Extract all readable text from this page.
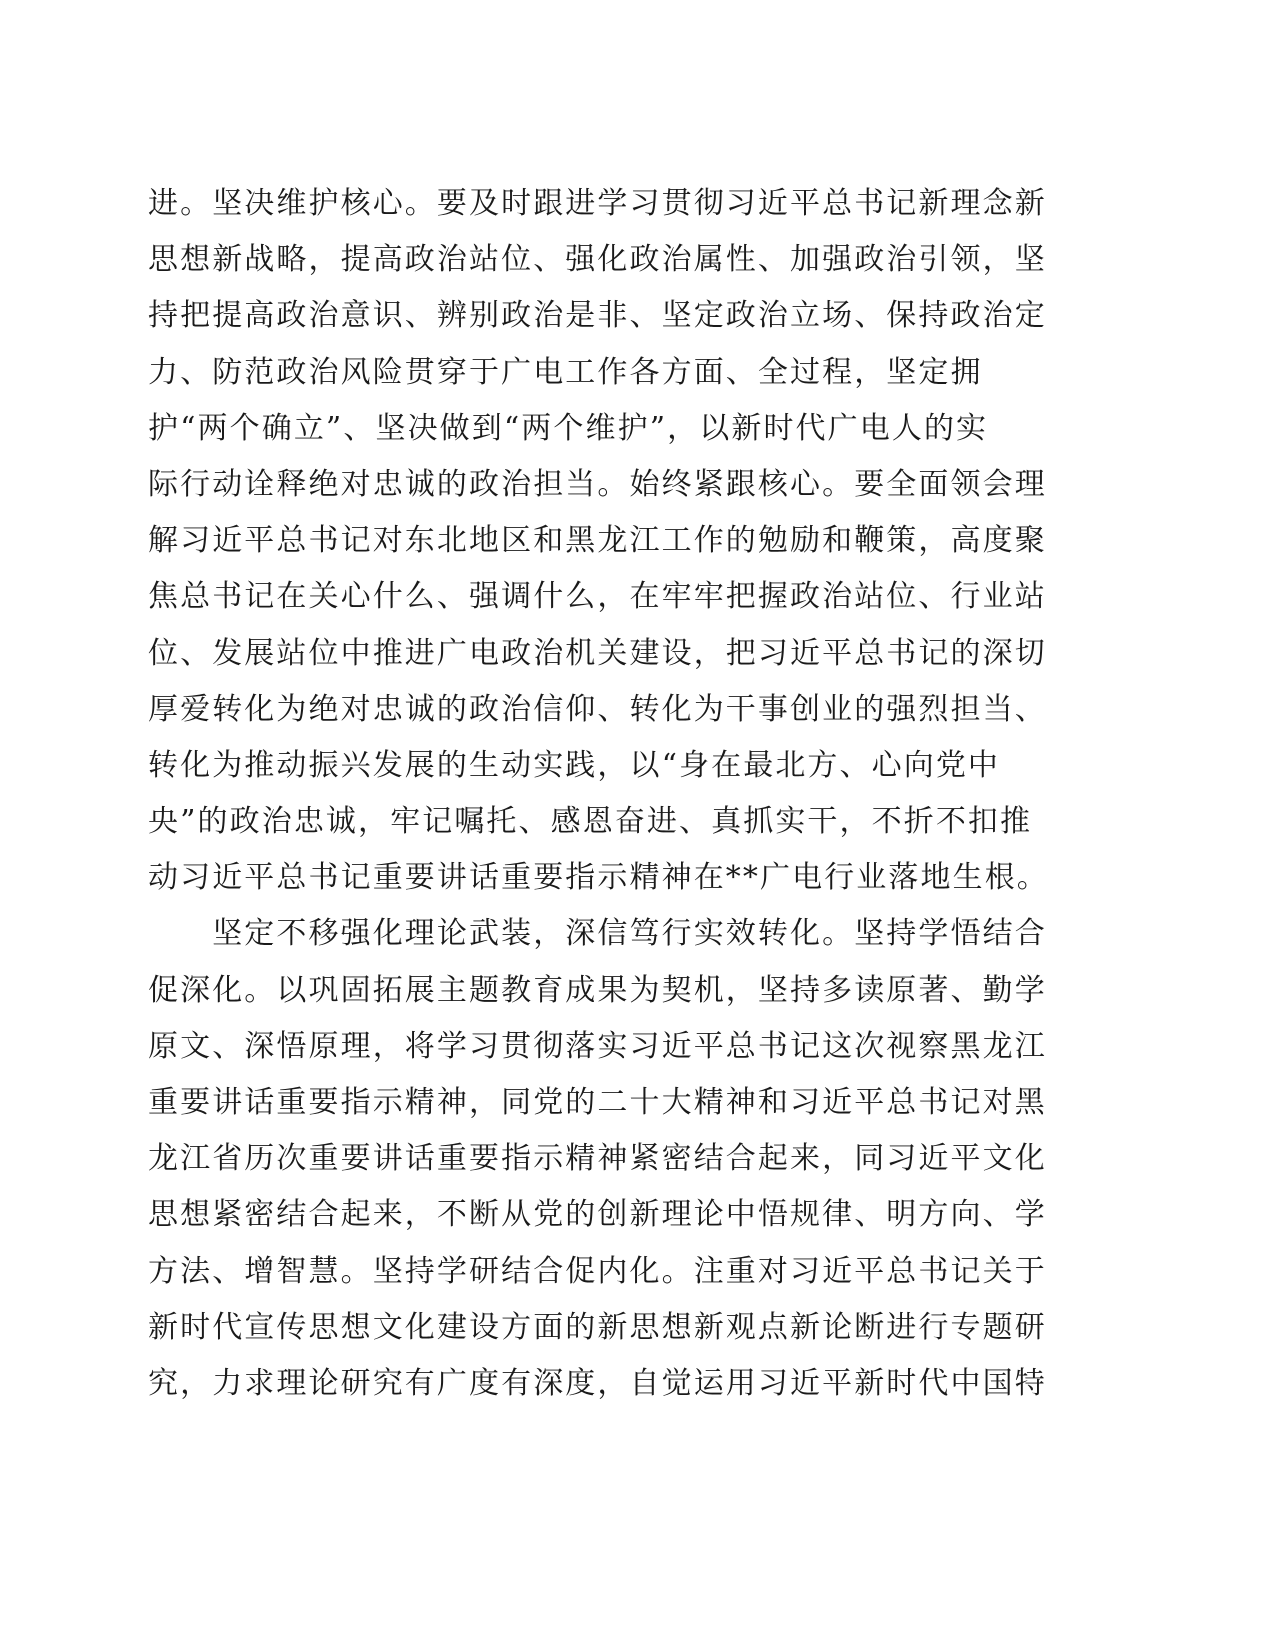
进。坚决维护核心。要及时跟进学习贯彻习近平总书记新理念新
思想新战略，提高政治站位、强化政治属性、加强政治引领，坚
持把提高政治意识、辨别政治是非、坚定政治立场、保持政治定
力、防范政治风险贯穿于广电工作各方面、全过程，坚定拥
护“两个确立”、坚决做到“两个维护”，以新时代广电人的实
际行动诠释绝对忠诚的政治担当。始终紧跟核心。要全面领会理
解习近平总书记对东北地区和黑龙江工作的勉励和鞭策，高度聚
焦总书记在关心什么、强调什么，在牢牢把握政治站位、行业站
位、发展站位中推进广电政治机关建设，把习近平总书记的深切
厚爱转化为绝对忠诚的政治信仰、转化为干事创业的强烈担当、
转化为推动振兴发展的生动实践，以“身在最北方、心向党中
央”的政治忠诚，牢记嘱托、感恩奋进、真抓实干，不折不扣推
动习近平总书记重要讲话重要指示精神在**广电行业落地生根。
　　坚定不移强化理论武装，深信笃行实效转化。坚持学悟结合
促深化。以巩固拓展主题教育成果为契机，坚持多读原著、勤学
原文、深悟原理，将学习贯彻落实习近平总书记这次视察黑龙江
重要讲话重要指示精神，同党的二十大精神和习近平总书记对黑
龙江省历次重要讲话重要指示精神紧密结合起来，同习近平文化
思想紧密结合起来，不断从党的创新理论中悟规律、明方向、学
方法、增智慧。坚持学研结合促内化。注重对习近平总书记关于
新时代宣传思想文化建设方面的新思想新观点新论断进行专题研
究，力求理论研究有广度有深度，自觉运用习近平新时代中国特
